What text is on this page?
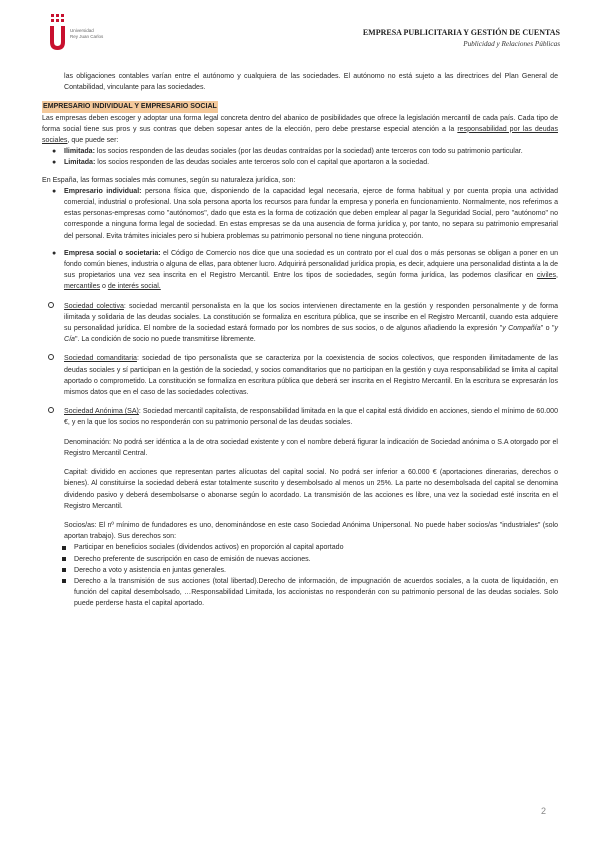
Universidad
Rey Juan Carlos	EMPRESA PUBLICITARIA Y GESTIÓN DE CUENTAS
Publicidad y Relaciones Públicas

las obligaciones contables varían entre el autónomo y cualquiera de las sociedades. El autónomo no está sujeto a las directrices del Plan General de Contabilidad, vinculante para las sociedades.

EMPRESARIO INDIVIDUAL Y EMPRESARIO SOCIAL

Las empresas deben escoger y adoptar una forma legal concreta dentro del abanico de posibilidades que ofrece la legislación mercantil de cada país. Cada tipo de forma social tiene sus pros y sus contras que deben sopesar antes de la elección, pero debe prestarse especial atención a la responsabilidad por las deudas sociales, que puede ser:

● Ilimitada: los socios responden de las deudas sociales (por las deudas contraídas por la sociedad) ante terceros con todo su patrimonio particular.
● Limitada: los socios responden de las deudas sociales ante terceros solo con el capital que aportaron a la sociedad.

En España, las formas sociales más comunes, según su naturaleza jurídica, son:

● Empresario individual: persona física que, disponiendo de la capacidad legal necesaria, ejerce de forma habitual y por cuenta propia una actividad comercial, industrial o profesional. Una sola persona aporta los recursos para fundar la empresa y ponerla en funcionamiento. Normalmente, nos referimos a estas personas-empresas como "autónomos", dado que esta es la forma de cotización que deben emplear al pagar la Seguridad Social, pero "autónomo" no corresponde a ninguna forma legal de sociedad. En estas empresas se da una ausencia de forma jurídica y, por tanto, no separa su patrimonio empresarial del personal. Evita trámites iniciales pero si hubiera problemas su patrimonio personal no tiene ninguna protección.
● Empresa social o societaria: el Código de Comercio nos dice que una sociedad es un contrato por el cual dos o más personas se obligan a poner en un fondo común bienes, industria o alguna de ellas, para obtener lucro. Adquirirá personalidad jurídica propia, es decir, adquiere una personalidad distinta a la de sus propietarios una vez sea inscrita en el Registro Mercantil. Entre los tipos de sociedades, según forma jurídica, las podemos clasificar en civiles, mercantiles o de interés social.
Sociedad colectiva: sociedad mercantil personalista en la que los socios intervienen directamente en la gestión y responden personalmente y de forma ilimitada y solidaria de las deudas sociales. La constitución se formaliza en escritura pública, que se inscribe en el Registro Mercantil, cuando esta adquiere su personalidad jurídica. El nombre de la sociedad estará formado por los nombres de sus socios, o de algunos añadiendo la expresión "y Compañía" o "y Cía". La condición de socio no puede transmitirse libremente.
Sociedad comanditaria: sociedad de tipo personalista que se caracteriza por la coexistencia de socios colectivos, que responden ilimitadamente de las deudas sociales y sí participan en la gestión de la sociedad, y socios comanditarios que no participan en la gestión y cuya responsabilidad se limita al capital aportado o comprometido. La constitución se formaliza en escritura pública que deberá ser inscrita en el Registro Mercantil. En la escritura se expresarán los mismos datos que en el caso de las sociedades colectivas.
Sociedad Anónima (SA): Sociedad mercantil capitalista, de responsabilidad limitada en la que el capital está dividido en acciones, siendo el mínimo de 60.000 €, y en la que los socios no responderán con su patrimonio personal de las deudas sociales.

Denominación: No podrá ser idéntica a la de otra sociedad existente y con el nombre deberá figurar la indicación de Sociedad anónima o S.A otorgado por el Registro Mercantil Central.

Capital: dividido en acciones que representan partes alícuotas del capital social. No podrá ser inferior a 60.000 € (aportaciones dinerarias, derechos o bienes). Al constituirse la sociedad deberá estar totalmente suscrito y desembolsado al menos un 25%. La parte no desembolsada del capital se denomina dividendo pasivo y deberá desembolsarse o abonarse según lo acordado. La transmisión de las acciones es libre, una vez la sociedad esté inscrita en el Registro Mercantil.

Socios/as: El nº mínimo de fundadores es uno, denominándose en este caso Sociedad Anónima Unipersonal. No puede haber socios/as "industriales" (solo aportan trabajo). Sus derechos son:

Participar en beneficios sociales (dividendos activos) en proporción al capital aportado
Derecho preferente de suscripción en caso de emisión de nuevas acciones.
Derecho a voto y asistencia en juntas generales.
Derecho a la transmisión de sus acciones (total libertad).Derecho de información, de impugnación de acuerdos sociales, a la cuota de liquidación, en función del capital desembolsado, …Responsabilidad Limitada, los accionistas no responderán con su patrimonio personal de las deudas sociales. Solo puede perderse hasta el capital aportado.
2
